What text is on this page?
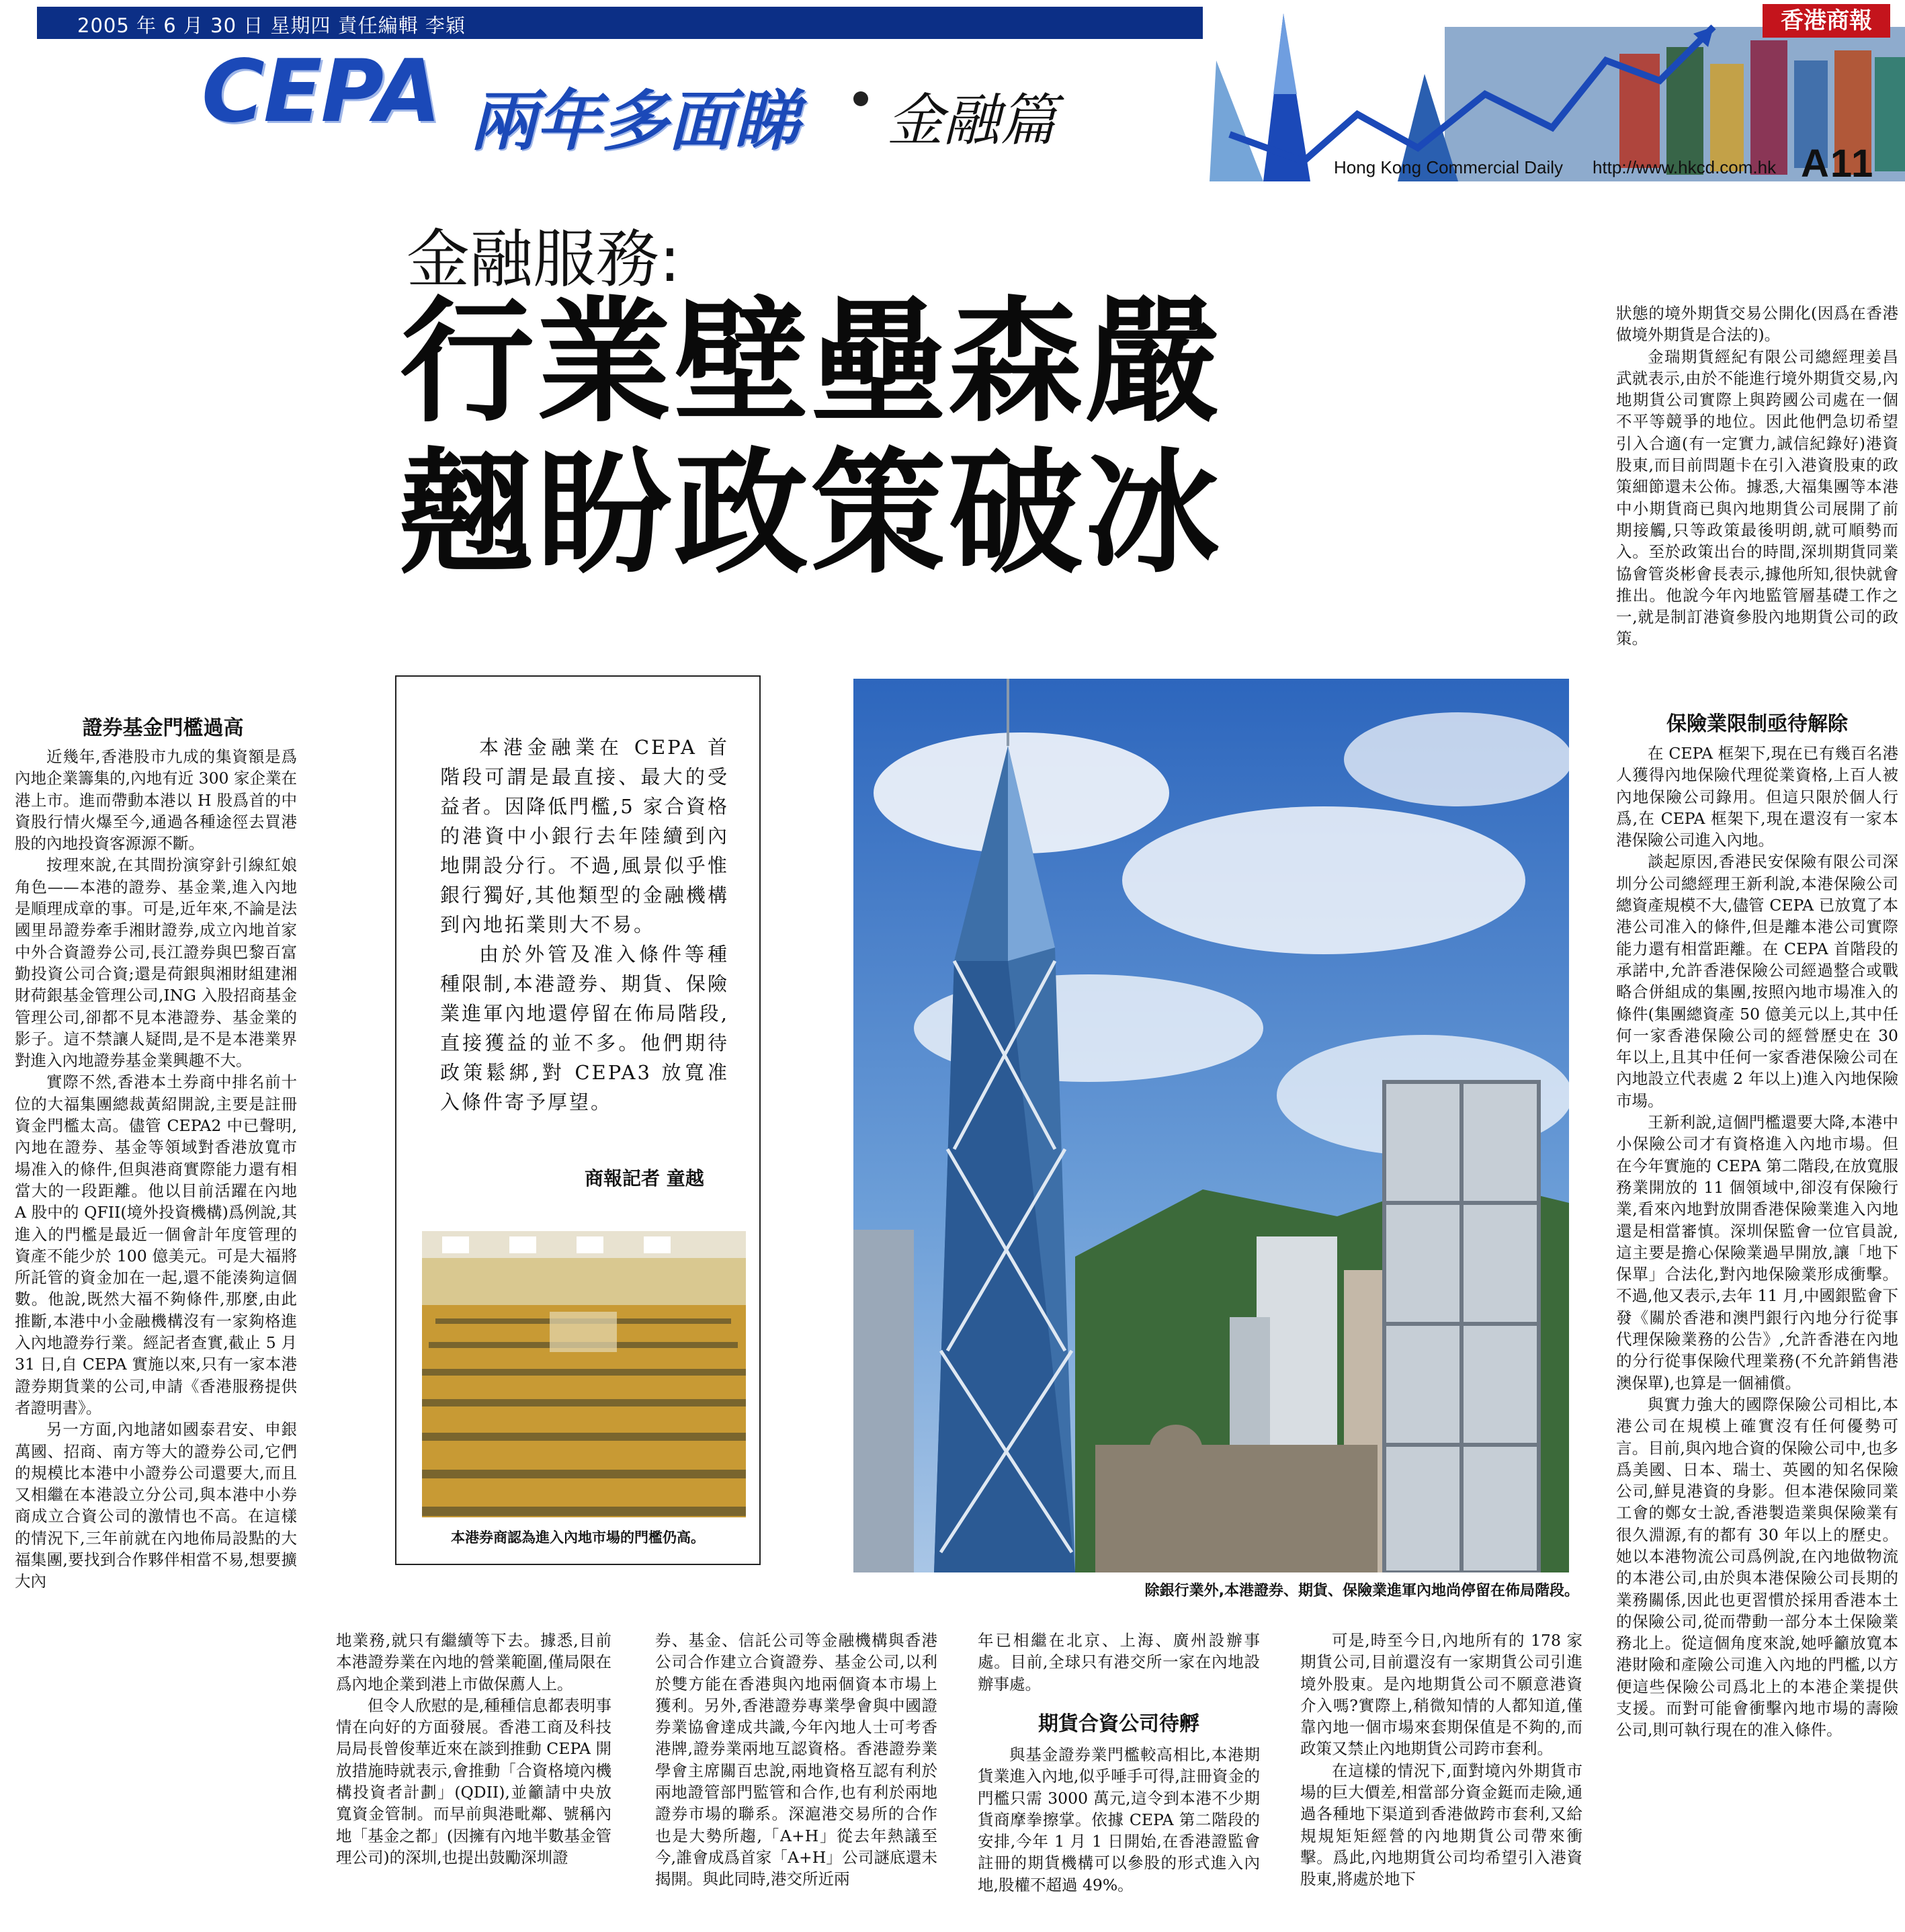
2005 年 6 月 30 日 星期四 責任編輯 李穎	香港商報
CEPA 兩年多面睇 金融篇
Hong Kong Commercial Daily http://www.hkcd.com.hk A11
金融服務:
行業壁壘森嚴
翹盼政策破冰

本港金融業在 CEPA 首階段可謂是最直接、最大的受益者。因降低門檻,5 家合資格的港資中小銀行去年陸續到內地開設分行。不過,風景似乎惟銀行獨好,其他類型的金融機構到內地拓業則大不易。

由於外管及准入條件等種種限制,本港證券、期貨、保險業進軍內地還停留在佈局階段,直接獲益的並不多。他們期待政策鬆綁,對 CEPA3 放寬准入條件寄予厚望。

商報記者 童越
本港券商認為進入內地市場的門檻仍高。
除銀行業外,本港證券、期貨、保險業進軍內地尚停留在佈局階段。
證券基金門檻過高

近幾年,香港股市九成的集資額是爲內地企業籌集的,內地有近 300 家企業在港上市。進而帶動本港以 H 股爲首的中資股行情火爆至今,通過各種途徑去買港股的內地投資客源源不斷。

按理來說,在其間扮演穿針引線紅娘角色——本港的證券、基金業,進入內地是順理成章的事。可是,近年來,不論是法國里昂證券牽手湘財證券,成立內地首家中外合資證券公司,長江證券與巴黎百富勤投資公司合資;還是荷銀與湘財組建湘財荷銀基金管理公司,ING 入股招商基金管理公司,卻都不見本港證券、基金業的影子。這不禁讓人疑問,是不是本港業界對進入內地證券基金業興趣不大。

實際不然,香港本土券商中排名前十位的大福集團總裁黃紹開說,主要是註冊資金門檻太高。儘管 CEPA2 中已聲明,內地在證券、基金等領域對香港放寬市場准入的條件,但與港商實際能力還有相當大的一段距離。他以目前活躍在內地 A 股中的 QFII(境外投資機構)爲例說,其進入的門檻是最近一個會計年度管理的資產不能少於 100 億美元。可是大福將所託管的資金加在一起,還不能湊夠這個數。他說,既然大福不夠條件,那麼,由此推斷,本港中小金融機構沒有一家夠格進入內地證券行業。經記者查實,截止 5 月 31 日,自 CEPA 實施以來,只有一家本港證券期貨業的公司,申請《香港服務提供者證明書》。

另一方面,內地諸如國泰君安、申銀萬國、招商、南方等大的證券公司,它們的規模比本港中小證券公司還要大,而且又相繼在本港設立分公司,與本港中小券商成立合資公司的激情也不高。在這樣的情況下,三年前就在內地佈局設點的大福集團,要找到合作夥伴相當不易,想要擴大內

地業務,就只有繼續等下去。據悉,目前本港證券業在內地的營業範圍,僅局限在爲內地企業到港上市做保薦人上。

但令人欣慰的是,種種信息都表明事情在向好的方面發展。香港工商及科技局局長曾俊華近來在談到推動 CEPA 開放措施時就表示,會推動「合資格境內機構投資者計劃」(QDII),並籲請中央放寬資金管制。而早前與港毗鄰、號稱內地「基金之都」(因擁有內地半數基金管理公司)的深圳,也提出鼓勵深圳證

券、基金、信託公司等金融機構與香港公司合作建立合資證券、基金公司,以利於雙方能在香港與內地兩個資本市場上獲利。另外,香港證券專業學會與中國證券業協會達成共識,今年內地人士可考香港牌,證券業兩地互認資格。香港證券業學會主席關百忠說,兩地資格互認有利於兩地證管部門監管和合作,也有利於兩地證券市場的聯系。深滬港交易所的合作也是大勢所趨,「A+H」從去年熱議至今,誰會成爲首家「A+H」公司謎底還未揭開。與此同時,港交所近兩

年已相繼在北京、上海、廣州設辦事處。目前,全球只有港交所一家在內地設辦事處。

期貨合資公司待孵

與基金證券業門檻較高相比,本港期貨業進入內地,似乎唾手可得,註冊資金的門檻只需 3000 萬元,這令到本港不少期貨商摩拳擦掌。依據 CEPA 第二階段的安排,今年 1 月 1 日開始,在香港證監會註冊的期貨機構可以參股的形式進入內地,股權不超過 49%。

可是,時至今日,內地所有的 178 家期貨公司,目前還沒有一家期貨公司引進境外股東。是內地期貨公司不願意港資介入嗎?實際上,稍微知情的人都知道,僅靠內地一個市場來套期保值是不夠的,而政策又禁止內地期貨公司跨市套利。

在這樣的情況下,面對境內外期貨市場的巨大價差,相當部分資金鋌而走險,通過各種地下渠道到香港做跨市套利,又給規規矩矩經營的內地期貨公司帶來衝擊。爲此,內地期貨公司均希望引入港資股東,將處於地下

狀態的境外期貨交易公開化(因爲在香港做境外期貨是合法的)。

金瑞期貨經紀有限公司總經理姜昌武就表示,由於不能進行境外期貨交易,內地期貨公司實際上與跨國公司處在一個不平等競爭的地位。因此他們急切希望引入合適(有一定實力,誠信紀錄好)港資股東,而目前問題卡在引入港資股東的政策細節還未公佈。據悉,大福集團等本港中小期貨商已與內地期貨公司展開了前期接觸,只等政策最後明朗,就可順勢而入。至於政策出台的時間,深圳期貨同業協會管炎彬會長表示,據他所知,很快就會推出。他說今年內地監管層基礎工作之一,就是制訂港資參股內地期貨公司的政策。

保險業限制亟待解除

在 CEPA 框架下,現在已有幾百名港人獲得內地保險代理從業資格,上百人被內地保險公司錄用。但這只限於個人行爲,在 CEPA 框架下,現在還沒有一家本港保險公司進入內地。

談起原因,香港民安保險有限公司深圳分公司總經理王新利說,本港保險公司總資產規模不大,儘管 CEPA 已放寬了本港公司准入的條件,但是離本港公司實際能力還有相當距離。在 CEPA 首階段的承諾中,允許香港保險公司經過整合或戰略合併組成的集團,按照內地市場准入的條件(集團總資產 50 億美元以上,其中任何一家香港保險公司的經營歷史在 30 年以上,且其中任何一家香港保險公司在內地設立代表處 2 年以上)進入內地保險市場。

王新利說,這個門檻還要大降,本港中小保險公司才有資格進入內地市場。但在今年實施的 CEPA 第二階段,在放寬服務業開放的 11 個領域中,卻沒有保險行業,看來內地對放開香港保險業進入內地還是相當審慎。深圳保監會一位官員說,這主要是擔心保險業過早開放,讓「地下保單」合法化,對內地保險業形成衝擊。不過,他又表示,去年 11 月,中國銀監會下發《關於香港和澳門銀行內地分行從事代理保險業務的公告》,允許香港在內地的分行從事保險代理業務(不允許銷售港澳保單),也算是一個補償。

與實力強大的國際保險公司相比,本港公司在規模上確實沒有任何優勢可言。目前,與內地合資的保險公司中,也多爲美國、日本、瑞士、英國的知名保險公司,鮮見港資的身影。但本港保險同業工會的鄭女士說,香港製造業與保險業有很久淵源,有的都有 30 年以上的歷史。她以本港物流公司爲例說,在內地做物流的本港公司,由於與本港保險公司長期的業務關係,因此也更習慣於採用香港本土的保險公司,從而帶動一部分本土保險業務北上。從這個角度來說,她呼籲放寬本港財險和產險公司進入內地的門檻,以方便這些保險公司爲北上的本港企業提供支援。而對可能會衝擊內地市場的壽險公司,則可執行現在的准入條件。
